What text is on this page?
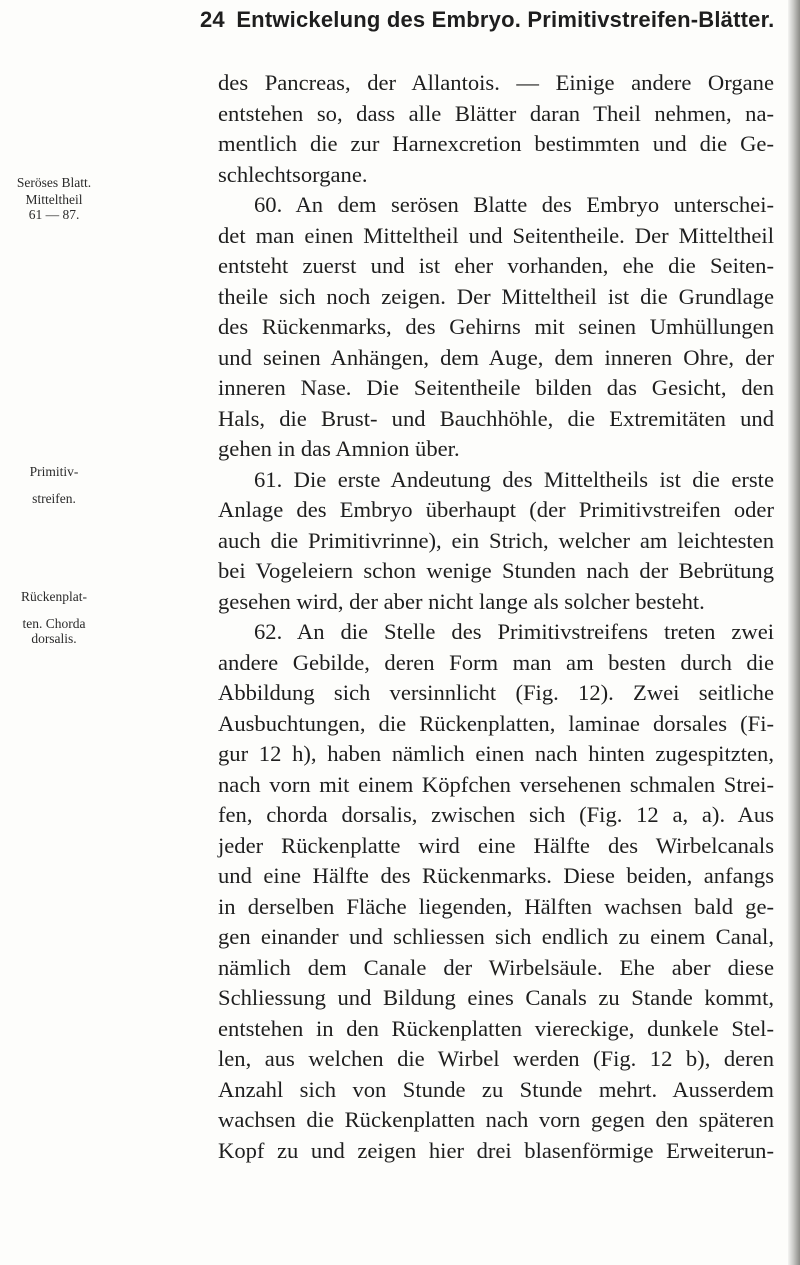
24 Entwickelung des Embryo. Primitivstreifen-Blätter.
Seröses Blatt.
Mitteltheil
61 — 87.
Primitiv-
streifen.
Rückenplat-
ten. Chorda
dorsalis.
des Pancreas, der Allantois. — Einige andere Organe
entstehen so, dass alle Blätter daran Theil nehmen, na-
mentlich die zur Harnexcretion bestimmten und die Ge-
schlechtsorgane.
60. An dem serösen Blatte des Embryo unterschei-
det man einen Mitteltheil und Seitentheile. Der Mitteltheil
entsteht zuerst und ist eher vorhanden, ehe die Seiten-
theile sich noch zeigen. Der Mitteltheil ist die Grundlage
des Rückenmarks, des Gehirns mit seinen Umhüllungen
und seinen Anhängen, dem Auge, dem inneren Ohre, der
inneren Nase. Die Seitentheile bilden das Gesicht, den
Hals, die Brust- und Bauchhöhle, die Extremitäten und
gehen in das Amnion über.
61. Die erste Andeutung des Mitteltheils ist die erste
Anlage des Embryo überhaupt (der Primitivstreifen oder
auch die Primitivrinne), ein Strich, welcher am leichtesten
bei Vogeleiern schon wenige Stunden nach der Bebrütung
gesehen wird, der aber nicht lange als solcher besteht.
62. An die Stelle des Primitivstreifens treten zwei
andere Gebilde, deren Form man am besten durch die
Abbildung sich versinnlicht (Fig. 12). Zwei seitliche
Ausbuchtungen, die Rückenplatten, laminae dorsales (Fi-
gur 12 h), haben nämlich einen nach hinten zugespitzten,
nach vorn mit einem Köpfchen versehenen schmalen Strei-
fen, chorda dorsalis, zwischen sich (Fig. 12 a, a). Aus
jeder Rückenplatte wird eine Hälfte des Wirbelcanals
und eine Hälfte des Rückenmarks. Diese beiden, anfangs
in derselben Fläche liegenden, Hälften wachsen bald ge-
gen einander und schliessen sich endlich zu einem Canal,
nämlich dem Canale der Wirbelsäule. Ehe aber diese
Schliessung und Bildung eines Canals zu Stande kommt,
entstehen in den Rückenplatten viereckige, dunkele Stel-
len, aus welchen die Wirbel werden (Fig. 12 b), deren
Anzahl sich von Stunde zu Stunde mehrt. Ausserdem
wachsen die Rückenplatten nach vorn gegen den späteren
Kopf zu und zeigen hier drei blasenförmige Erweiterun-
